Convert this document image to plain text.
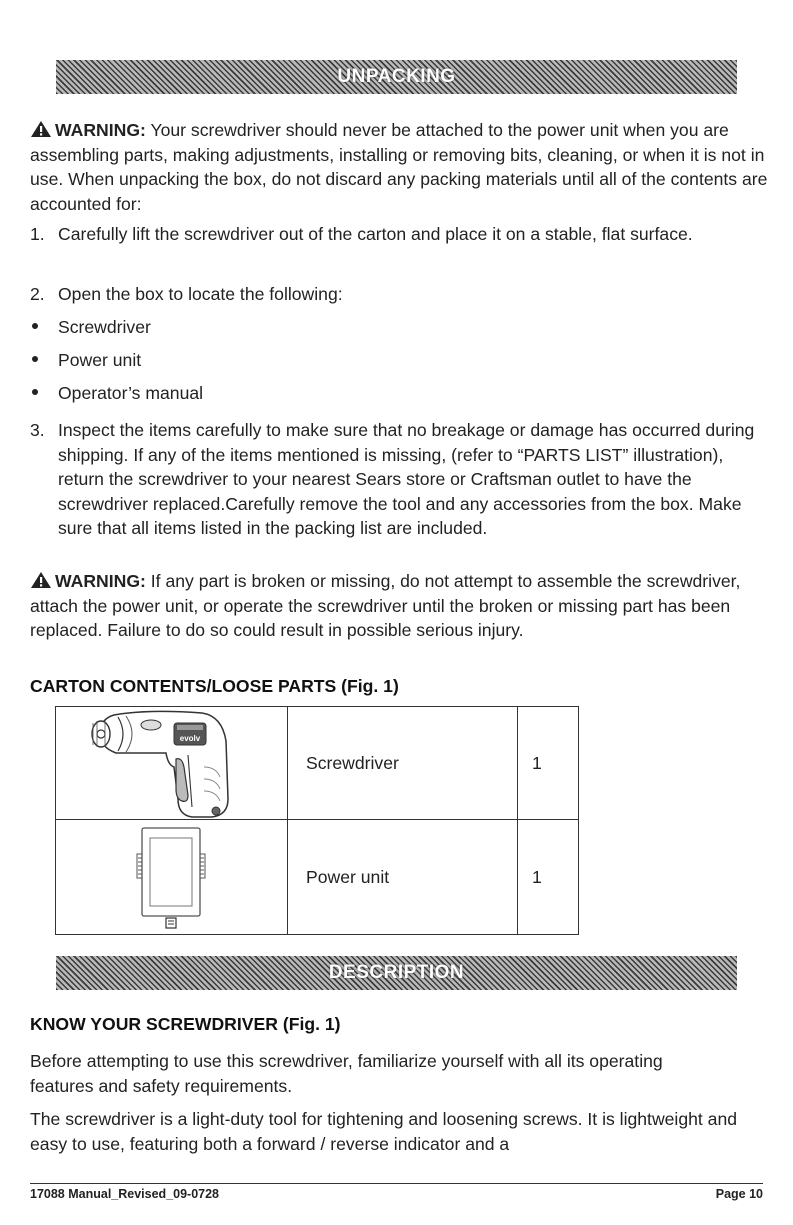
UNPACKING

WARNING: Your screwdriver should never be attached to the power unit when you are assembling parts, making adjustments, installing or removing bits, cleaning, or when it is not in use. When unpacking the box, do not discard any packing materials until all of the contents are accounted for:

1. Carefully lift the screwdriver out of the carton and place it on a stable, flat surface.
2. Open the box to locate the following:
Screwdriver
Power unit
Operator’s manual
3. Inspect the items carefully to make sure that no breakage or damage has occurred during shipping. If any of the items mentioned is missing, (refer to “PARTS LIST” illustration), return the screwdriver to your nearest Sears store or Craftsman outlet to have the screwdriver replaced.Carefully remove the tool and any accessories from the box. Make sure that all items listed in the packing list are included.

WARNING: If any part is broken or missing, do not attempt to assemble the screwdriver, attach the power unit, or operate the screwdriver until the broken or missing part has been replaced. Failure to do so could result in possible serious injury.

CARTON CONTENTS/LOOSE PARTS (Fig. 1)
evolv	Screwdriver	1

	Power unit	1
DESCRIPTION
KNOW YOUR SCREWDRIVER (Fig. 1)
Before attempting to use this screwdriver, familiarize yourself with all its operating features and safety requirements.
The screwdriver is a light-duty tool for tightening and loosening screws. It is lightweight and easy to use, featuring both a forward / reverse indicator and a
17088 Manual_Revised_09-0728	Page 10
